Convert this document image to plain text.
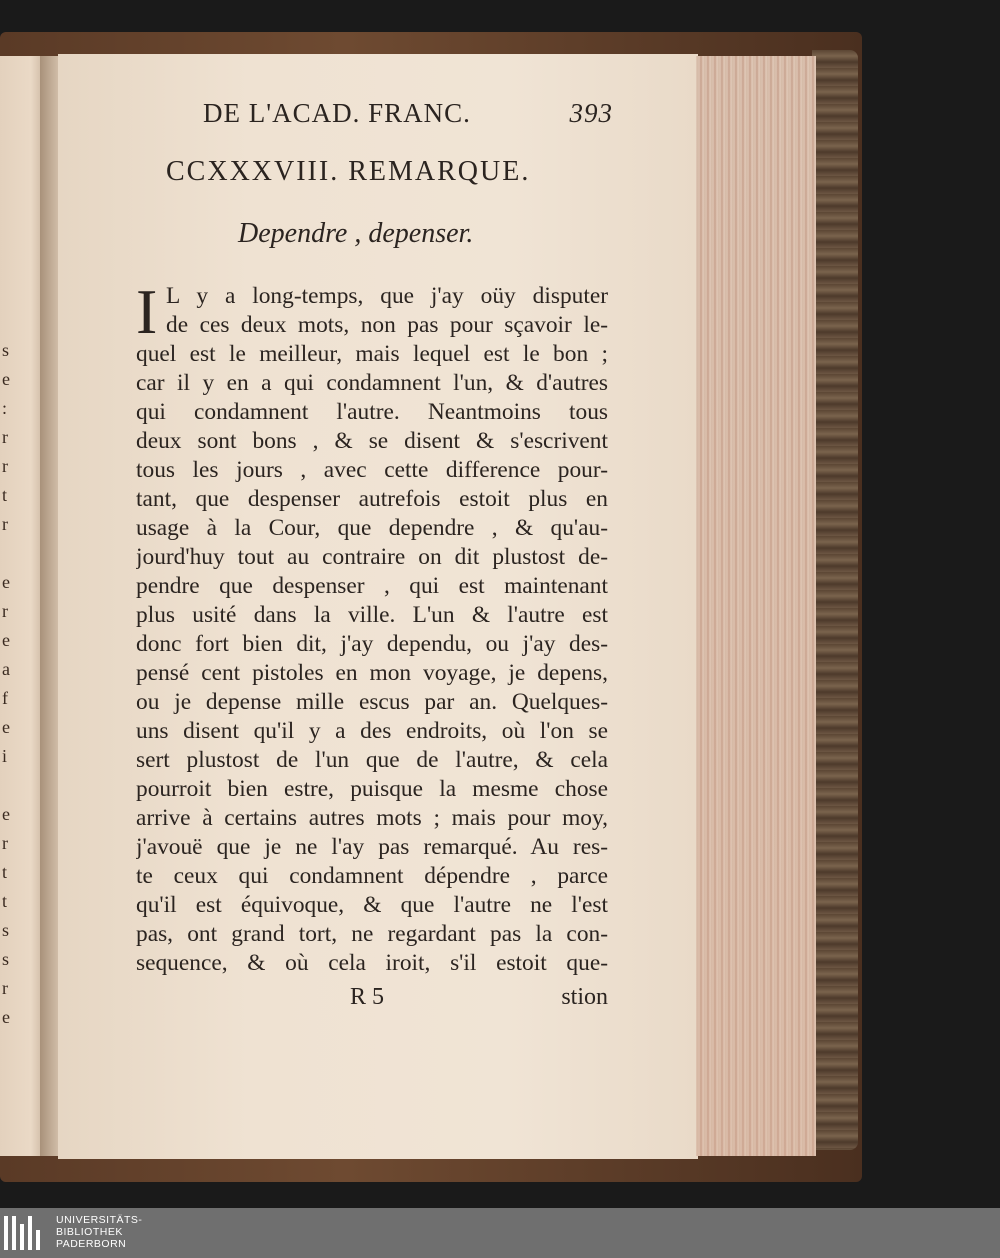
s
e
:
r
r
t
r

e
r
e
a
f
e
i

e
r
t
t
s
s
r
e
DE L'ACAD. FRANC.	393
CCXXXVIII. REMARQUE.
Dependre , depenser.
I L y a long-temps, que j'ay oüy disputer
de ces deux mots, non pas pour sçavoir le-
quel est le meilleur, mais lequel est le bon ;
car il y en a qui condamnent l'un, & d'autres
qui condamnent l'autre. Neantmoins tous
deux sont bons , & se disent & s'escrivent
tous les jours , avec cette difference pour-
tant, que despenser autrefois estoit plus en
usage à la Cour, que dependre , & qu'au-
jourd'huy tout au contraire on dit plustost de-
pendre que despenser , qui est maintenant
plus usité dans la ville. L'un & l'autre est
donc fort bien dit, j'ay dependu, ou j'ay des-
pensé cent pistoles en mon voyage, je depens,
ou je depense mille escus par an. Quelques-
uns disent qu'il y a des endroits, où l'on se
sert plustost de l'un que de l'autre, & cela
pourroit bien estre, puisque la mesme chose
arrive à certains autres mots ; mais pour moy,
j'avouë que je ne l'ay pas remarqué. Au res-
te ceux qui condamnent dépendre , parce
qu'il est équivoque, & que l'autre ne l'est
pas, ont grand tort, ne regardant pas la con-
sequence, & où cela iroit, s'il estoit que-
R 5	stion
UNIVERSITÄTS-
BIBLIOTHEK
PADERBORN
